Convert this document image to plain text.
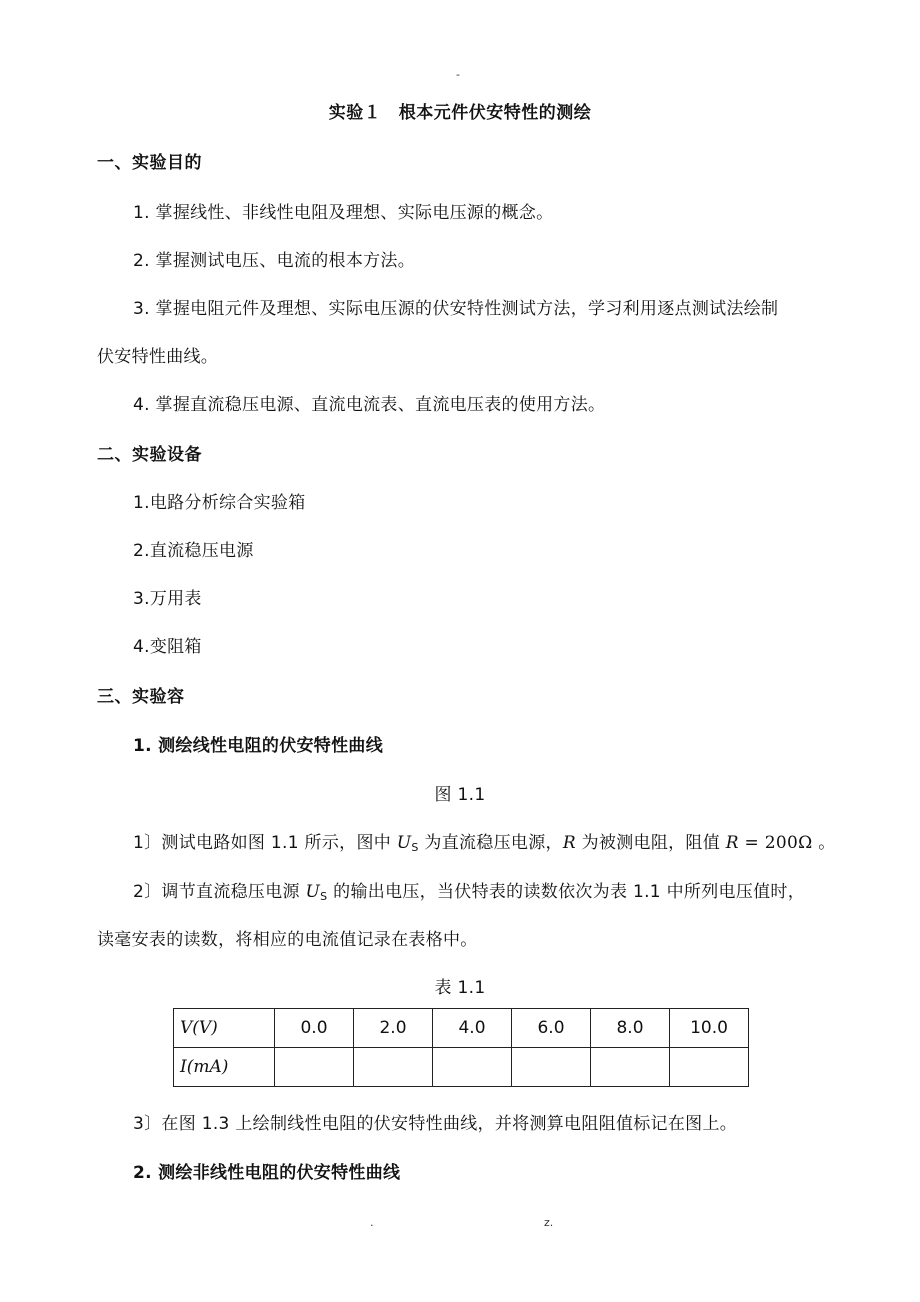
-
实验１　根本元件伏安特性的测绘
一、实验目的
1. 掌握线性、非线性电阻及理想、实际电压源的概念。
2. 掌握测试电压、电流的根本方法。
3. 掌握电阻元件及理想、实际电压源的伏安特性测试方法，学习利用逐点测试法绘制
伏安特性曲线。
4. 掌握直流稳压电源、直流电流表、直流电压表的使用方法。
二、实验设备
1.电路分析综合实验箱
2.直流稳压电源
3.万用表
4.变阻箱
三、实验容
1. 测绘线性电阻的伏安特性曲线
图 1.1
1〕测试电路如图 1.1 所示，图中 $U_S$ 为直流稳压电源，R 为被测电阻，阻值 R = 200Ω 。
2〕调节直流稳压电源 $U_S$ 的输出电压，当伏特表的读数依次为表 1.1 中所列电压值时，
读毫安表的读数，将相应的电流值记录在表格中。
表 1.1
V(V)	0.0	2.0	4.0	6.0	8.0	10.0
I(mA)						
3〕在图 1.3 上绘制线性电阻的伏安特性曲线，并将测算电阻阻值标记在图上。
2. 测绘非线性电阻的伏安特性曲线
.	z.
